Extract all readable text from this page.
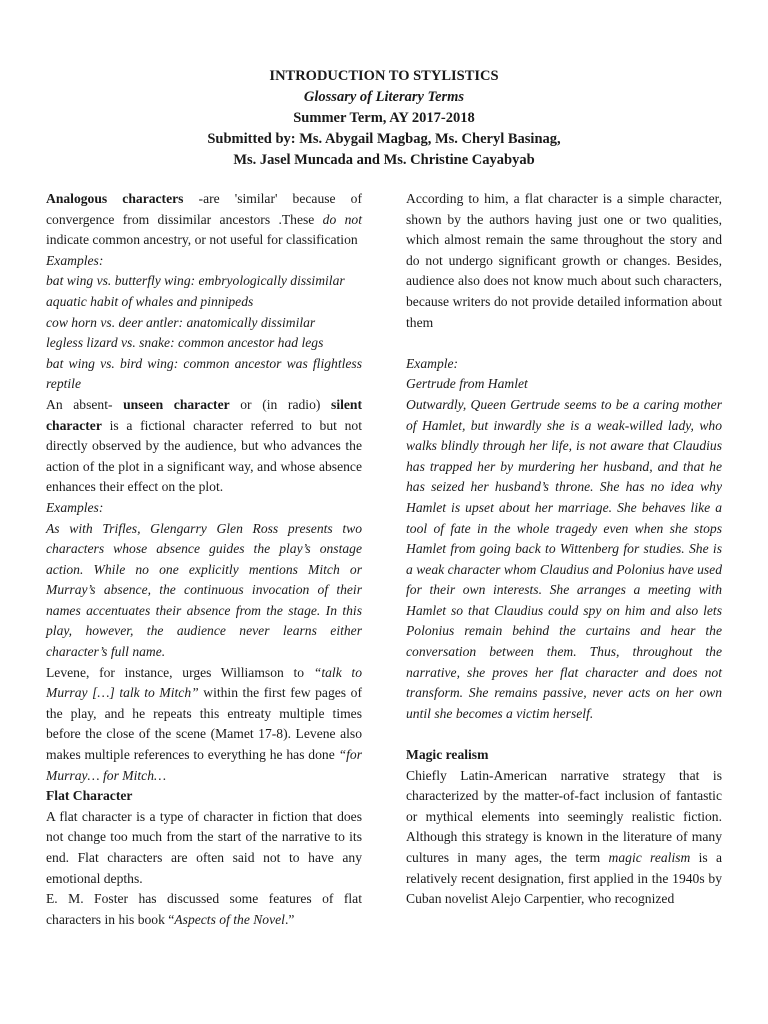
INTRODUCTION TO STYLISTICS
Glossary of Literary Terms
Summer Term, AY 2017-2018
Submitted by: Ms. Abygail Magbag, Ms. Cheryl Basinag,
Ms. Jasel Muncada and Ms. Christine Cayabyab

Analogous characters -are 'similar' because of convergence from dissimilar ancestors .These do not indicate common ancestry, or not useful for classification

Examples:

bat wing vs. butterfly wing: embryologically dissimilar

aquatic habit of whales and pinnipeds

cow horn vs. deer antler: anatomically dissimilar

legless lizard vs. snake: common ancestor had legs

bat wing vs. bird wing: common ancestor was flightless reptile

An absent- unseen character or (in radio) silent character is a fictional character referred to but not directly observed by the audience, but who advances the action of the plot in a significant way, and whose absence enhances their effect on the plot.

Examples:

As with Trifles, Glengarry Glen Ross presents two characters whose absence guides the play’s onstage action. While no one explicitly mentions Mitch or Murray’s absence, the continuous invocation of their names accentuates their absence from the stage. In this play, however, the audience never learns either character’s full name.

Levene, for instance, urges Williamson to “talk to Murray […] talk to Mitch” within the first few pages of the play, and he repeats this entreaty multiple times before the close of the scene (Mamet 17-8). Levene also makes multiple references to everything he has done “for Murray… for Mitch…

Flat Character

A flat character is a type of character in fiction that does not change too much from the start of the narrative to its end. Flat characters are often said not to have any emotional depths.

E. M. Foster has discussed some features of flat characters in his book “Aspects of the Novel.”

According to him, a flat character is a simple character, shown by the authors having just one or two qualities, which almost remain the same throughout the story and do not undergo significant growth or changes. Besides, audience also does not know much about such characters, because writers do not provide detailed information about them

Example:

Gertrude from Hamlet

Outwardly, Queen Gertrude seems to be a caring mother of Hamlet, but inwardly she is a weak-willed lady, who walks blindly through her life, is not aware that Claudius has trapped her by murdering her husband, and that he has seized her husband’s throne. She has no idea why Hamlet is upset about her marriage. She behaves like a tool of fate in the whole tragedy even when she stops Hamlet from going back to Wittenberg for studies. She is a weak character whom Claudius and Polonius have used for their own interests. She arranges a meeting with Hamlet so that Claudius could spy on him and also lets Polonius remain behind the curtains and hear the conversation between them. Thus, throughout the narrative, she proves her flat character and does not transform. She remains passive, never acts on her own until she becomes a victim herself.

Magic realism

Chiefly Latin-American narrative strategy that is characterized by the matter-of-fact inclusion of fantastic or mythical elements into seemingly realistic fiction. Although this strategy is known in the literature of many cultures in many ages, the term magic realism is a relatively recent designation, first applied in the 1940s by Cuban novelist Alejo Carpentier, who recognized
